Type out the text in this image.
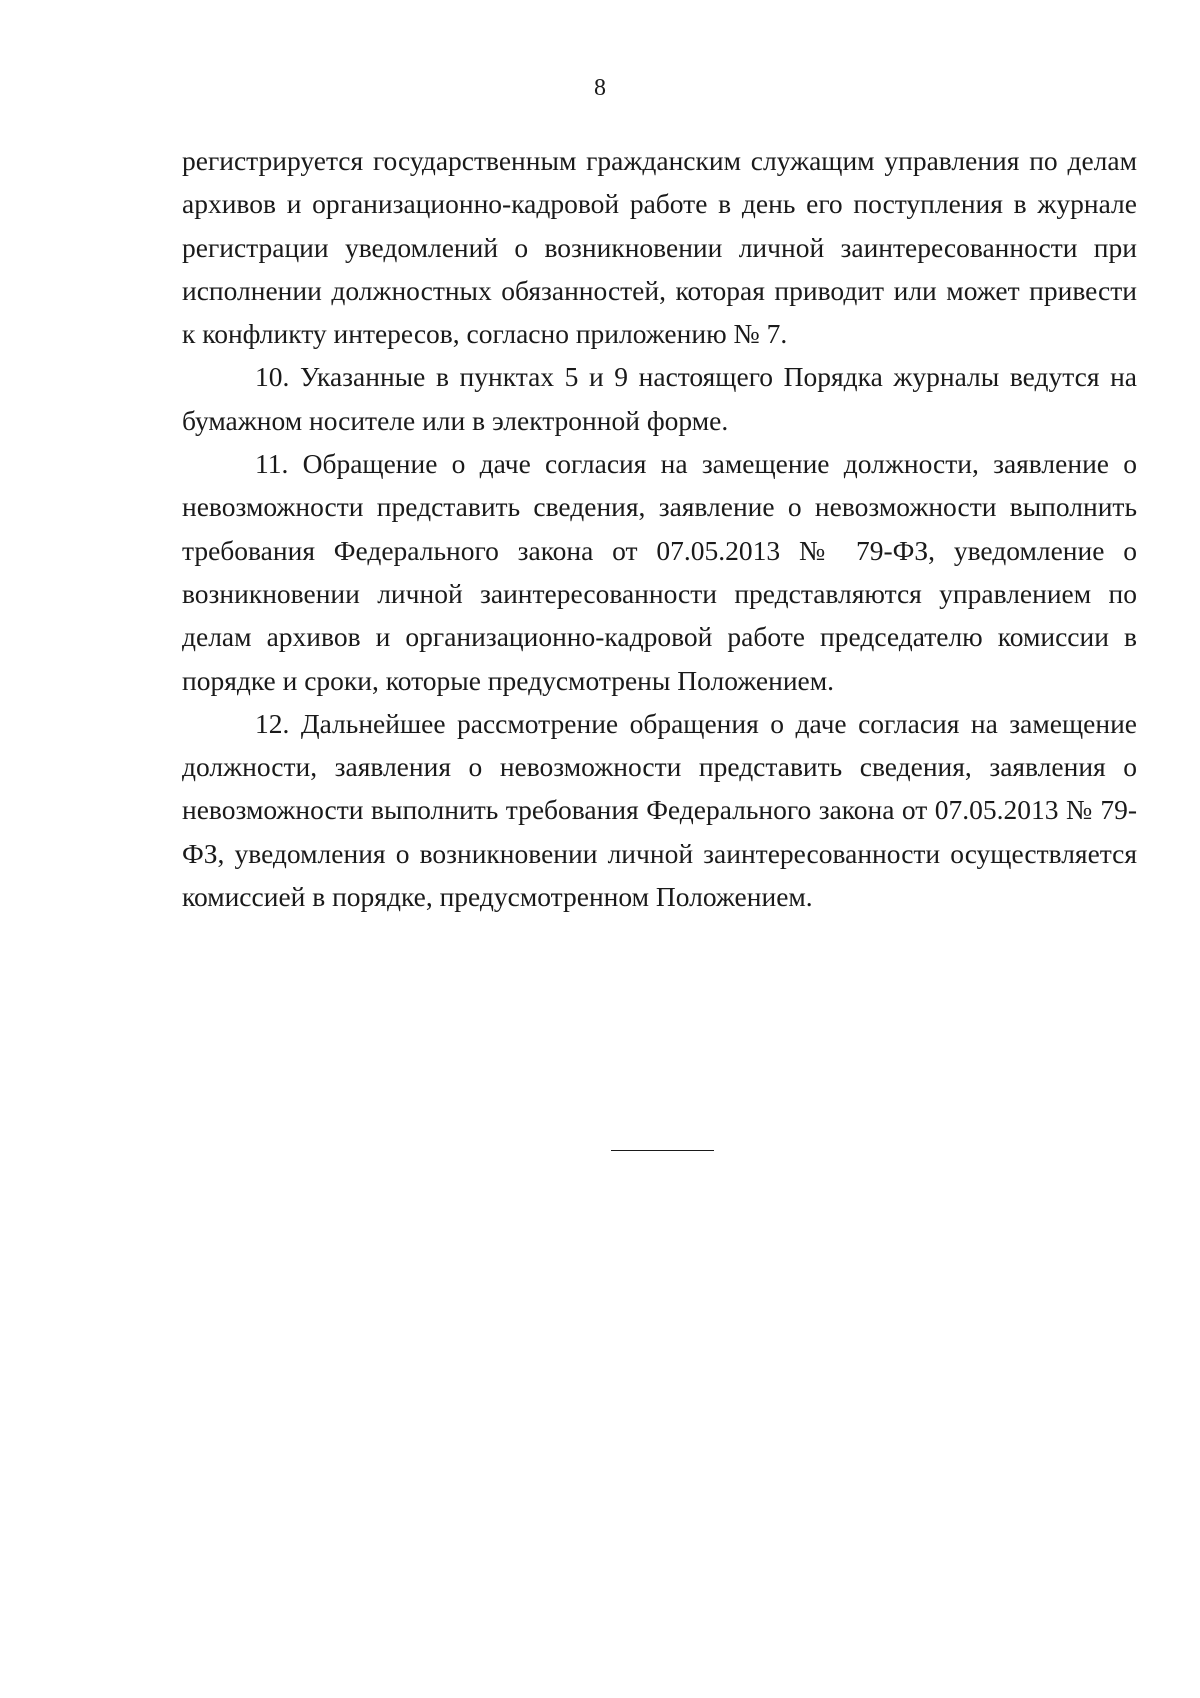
8

регистрируется государственным гражданским служащим управления по делам архивов и организационно-кадровой работе в день его поступления в журнале регистрации уведомлений о возникновении личной заинтересованности при исполнении должностных обязанностей, которая приводит или может привести к конфликту интересов, согласно приложению № 7.

10. Указанные в пунктах 5 и 9 настоящего Порядка журналы ведутся на бумажном носителе или в электронной форме.

11. Обращение о даче согласия на замещение должности, заявление о невозможности представить сведения, заявление о невозможности выполнить требования Федерального закона от 07.05.2013 № 79-ФЗ, уведомление о возникновении личной заинтересованности представляются управлением по делам архивов и организационно-кадровой работе председателю комиссии в порядке и сроки, которые предусмотрены Положением.

12. Дальнейшее рассмотрение обращения о даче согласия на замещение должности, заявления о невозможности представить сведения, заявления о невозможности выполнить требования Федерального закона от 07.05.2013 № 79-ФЗ, уведомления о возникновении личной заинтересованности осуществляется комиссией в порядке, предусмотренном Положением.
